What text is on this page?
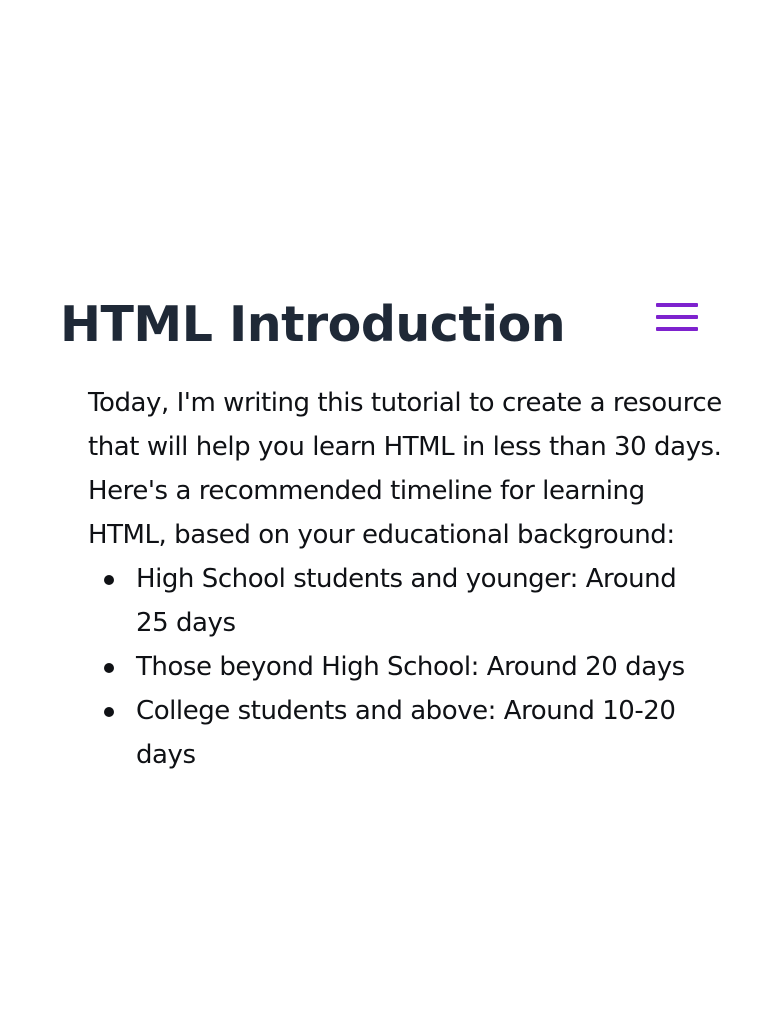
HTML Introduction

Today, I'm writing this tutorial to create a resource that will help you learn HTML in less than 30 days. Here's a recommended timeline for learning HTML, based on your educational background:

High School students and younger: Around 25 days
Those beyond High School: Around 20 days
College students and above: Around 10-20 days
